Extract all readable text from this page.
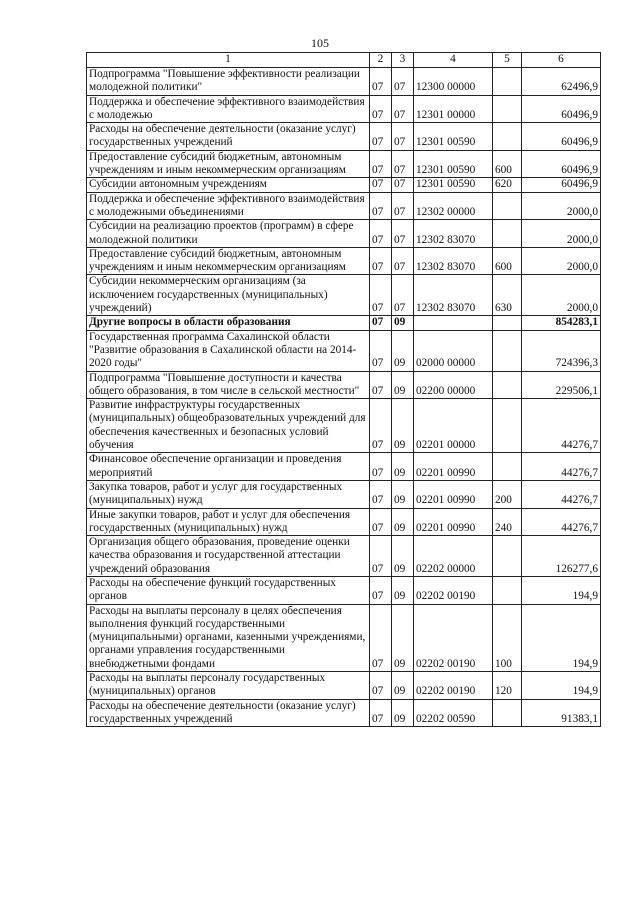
105
1	2	3	4	5	6
Подпрограмма "Повышение эффективности реализации молодежной политики"	07	07	12300 00000		62496,9
Поддержка и обеспечение эффективного взаимодействия с молодежью	07	07	12301 00000		60496,9
Расходы на обеспечение деятельности (оказание услуг) государственных учреждений	07	07	12301 00590		60496,9
Предоставление субсидий бюджетным, автономным учреждениям и иным некоммерческим организациям	07	07	12301 00590	600	60496,9
Субсидии автономным учреждениям	07	07	12301 00590	620	60496,9
Поддержка и обеспечение эффективного взаимодействия с молодежными объединениями	07	07	12302 00000		2000,0
Субсидии на реализацию проектов (программ) в сфере молодежной политики	07	07	12302 83070		2000,0
Предоставление субсидий бюджетным, автономным учреждениям и иным некоммерческим организациям	07	07	12302 83070	600	2000,0
Субсидии некоммерческим организациям (за исключением государственных (муниципальных) учреждений)	07	07	12302 83070	630	2000,0
Другие вопросы в области образования	07	09			854283,1
Государственная программа Сахалинской области "Развитие образования в Сахалинской области на 2014-2020 годы"	07	09	02000 00000		724396,3
Подпрограмма "Повышение доступности и качества общего образования, в том числе в сельской местности"	07	09	02200 00000		229506,1
Развитие инфраструктуры государственных (муниципальных) общеобразовательных учреждений для обеспечения качественных и безопасных условий обучения	07	09	02201 00000		44276,7
Финансовое обеспечение организации и проведения мероприятий	07	09	02201 00990		44276,7
Закупка товаров, работ и услуг для государственных (муниципальных) нужд	07	09	02201 00990	200	44276,7
Иные закупки товаров, работ и услуг для обеспечения государственных (муниципальных) нужд	07	09	02201 00990	240	44276,7
Организация общего образования, проведение оценки качества образования и государственной аттестации учреждений образования	07	09	02202 00000		126277,6
Расходы на обеспечение функций государственных органов	07	09	02202 00190		194,9
Расходы на выплаты персоналу в целях обеспечения выполнения функций государственными (муниципальными) органами, казенными учреждениями, органами управления государственными внебюджетными фондами	07	09	02202 00190	100	194,9
Расходы на выплаты персоналу государственных (муниципальных) органов	07	09	02202 00190	120	194,9
Расходы на обеспечение деятельности (оказание услуг) государственных учреждений	07	09	02202 00590		91383,1
